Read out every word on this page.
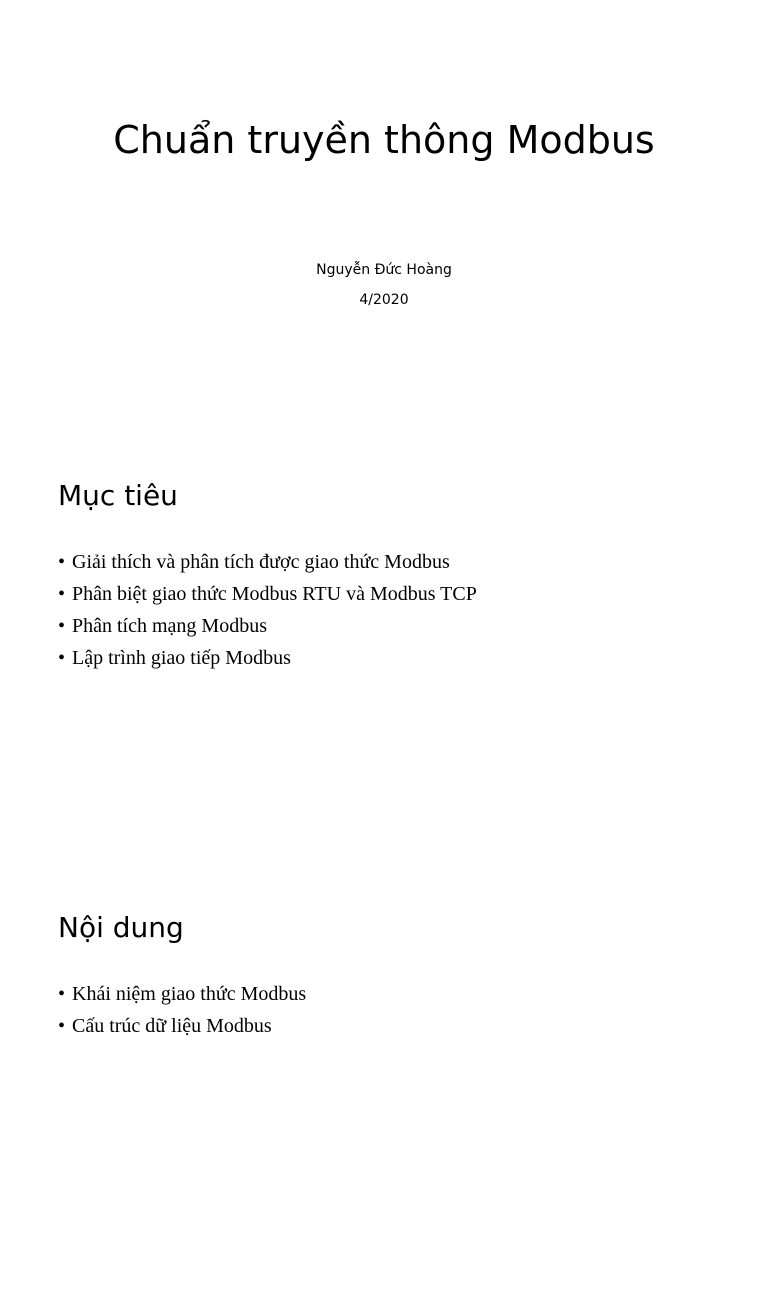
Chuẩn truyền thông Modbus
Nguyễn Đức Hoàng
4/2020
Mục tiêu
• Giải thích và phân tích được giao thức Modbus
• Phân biệt giao thức Modbus RTU và Modbus TCP
• Phân tích mạng Modbus
• Lập trình giao tiếp Modbus
Nội dung
• Khái niệm giao thức Modbus
• Cấu trúc dữ liệu Modbus
